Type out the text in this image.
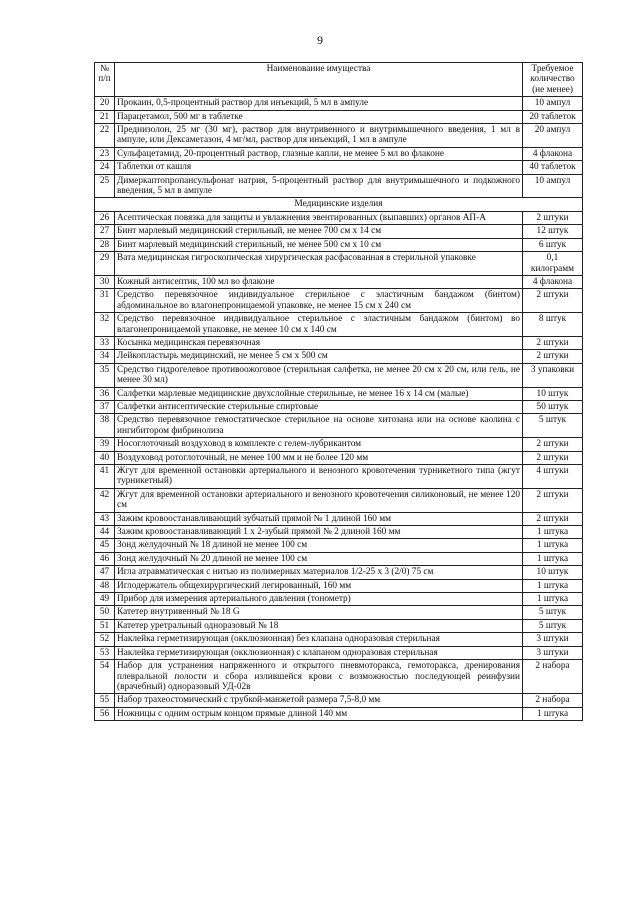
9
№ п/п	Наименование имущества	Требуемое количество (не менее)
20	Прокаин, 0,5-процентный раствор для инъекций, 5 мл в ампуле	10 ампул
21	Парацетамол, 500 мг в таблетке	20 таблеток
22	Преднизолон, 25 мг (30 мг), раствор для внутривенного и внутримышечного введения, 1 мл в ампуле, или Дексаметазон, 4 мг/мл, раствор для инъекций, 1 мл в ампуле	20 ампул
23	Сульфацетамид, 20-процентный раствор, глазные капли, не менее 5 мл во флаконе	4 флакона
24	Таблетки от кашля	40 таблеток
25	Димеркаптопропансульфонат натрия, 5-процентный раствор для внутримышечного и подкожного введения, 5 мл в ампуле	10 ампул
Медицинские изделия		
26	Асептическая повязка для защиты и увлажнения эвентированных (выпавших) органов АП-А	2 штуки
27	Бинт марлевый медицинский стерильный, не менее 700 см х 14 см	12 штук
28	Бинт марлевый медицинский стерильный, не менее 500 см х 10 см	6 штук
29	Вата медицинская гигроскопическая хирургическая расфасованная в стерильной упаковке	0,1 килограмм
30	Кожный антисептик, 100 мл во флаконе	4 флакона
31	Средство перевязочное индивидуальное стерильное с эластичным бандажом (бинтом) абдоминальное во влагонепроницаемой упаковке, не менее 15 см х 240 см	2 штуки
32	Средство перевязочное индивидуальное стерильное с эластичным бандажом (бинтом) во влагонепроницаемой упаковке, не менее 10 см х 140 см	8 штук
33	Косынка медицинская перевязочная	2 штуки
34	Лейкопластырь медицинский, не менее 5 см х 500 см	2 штуки
35	Средство гидрогелевое противоожоговое (стерильная салфетка, не менее 20 см х 20 см, или гель, не менее 30 мл)	3 упаковки
36	Салфетки марлевые медицинские двухслойные стерильные, не менее 16 х 14 см (малые)	10 штук
37	Салфетки антисептические стерильные спиртовые	50 штук
38	Средство перевязочное гемостатическое стерильное на основе хитозана или на основе каолина с ингибитором фибринолиза	5 штук
39	Носоглоточный воздуховод в комплекте с гелем-лубрикантом	2 штуки
40	Воздуховод ротоглоточный, не менее 100 мм и не более 120 мм	2 штуки
41	Жгут для временной остановки артериального и венозного кровотечения турникетного типа (жгут турникетный)	4 штуки
42	Жгут для временной остановки артериального и венозного кровотечения силиконовый, не менее 120 см	2 штуки
43	Зажим кровоостанавливающий зубчатый прямой № 1 длиной 160 мм	2 штуки
44	Зажим кровоостанавливающий 1 х 2-зубый прямой № 2 длиной 160 мм	1 штука
45	Зонд желудочный № 18 длиной не менее 100 см	1 штука
46	Зонд желудочный № 20 длиной не менее 100 см	1 штука
47	Игла атравматическая с нитью из полимерных материалов 1/2-25 х 3 (2/0) 75 см	10 штук
48	Иглодержатель общехирургический легированный, 160 мм	1 штука
49	Прибор для измерения артериального давления (тонометр)	1 штука
50	Катетер внутривенный № 18 G	5 штук
51	Катетер уретральный одноразовый № 18	5 штук
52	Наклейка герметизирующая (окклюзионная) без клапана одноразовая стерильная	3 штуки
53	Наклейка герметизирующая (окклюзионная) с клапаном одноразовая стерильная	3 штуки
54	Набор для устранения напряженного и открытого пневмоторакса, гемоторакса, дренирования плевральной полости и сбора излившейся крови с возможностью последующей реинфузии (врачебный) одноразовый УД-02в	2 набора
55	Набор трахеостомический с трубкой-манжетой размера 7,5-8,0 мм	2 набора
56	Ножницы с одним острым концом прямые длиной 140 мм	1 штука
